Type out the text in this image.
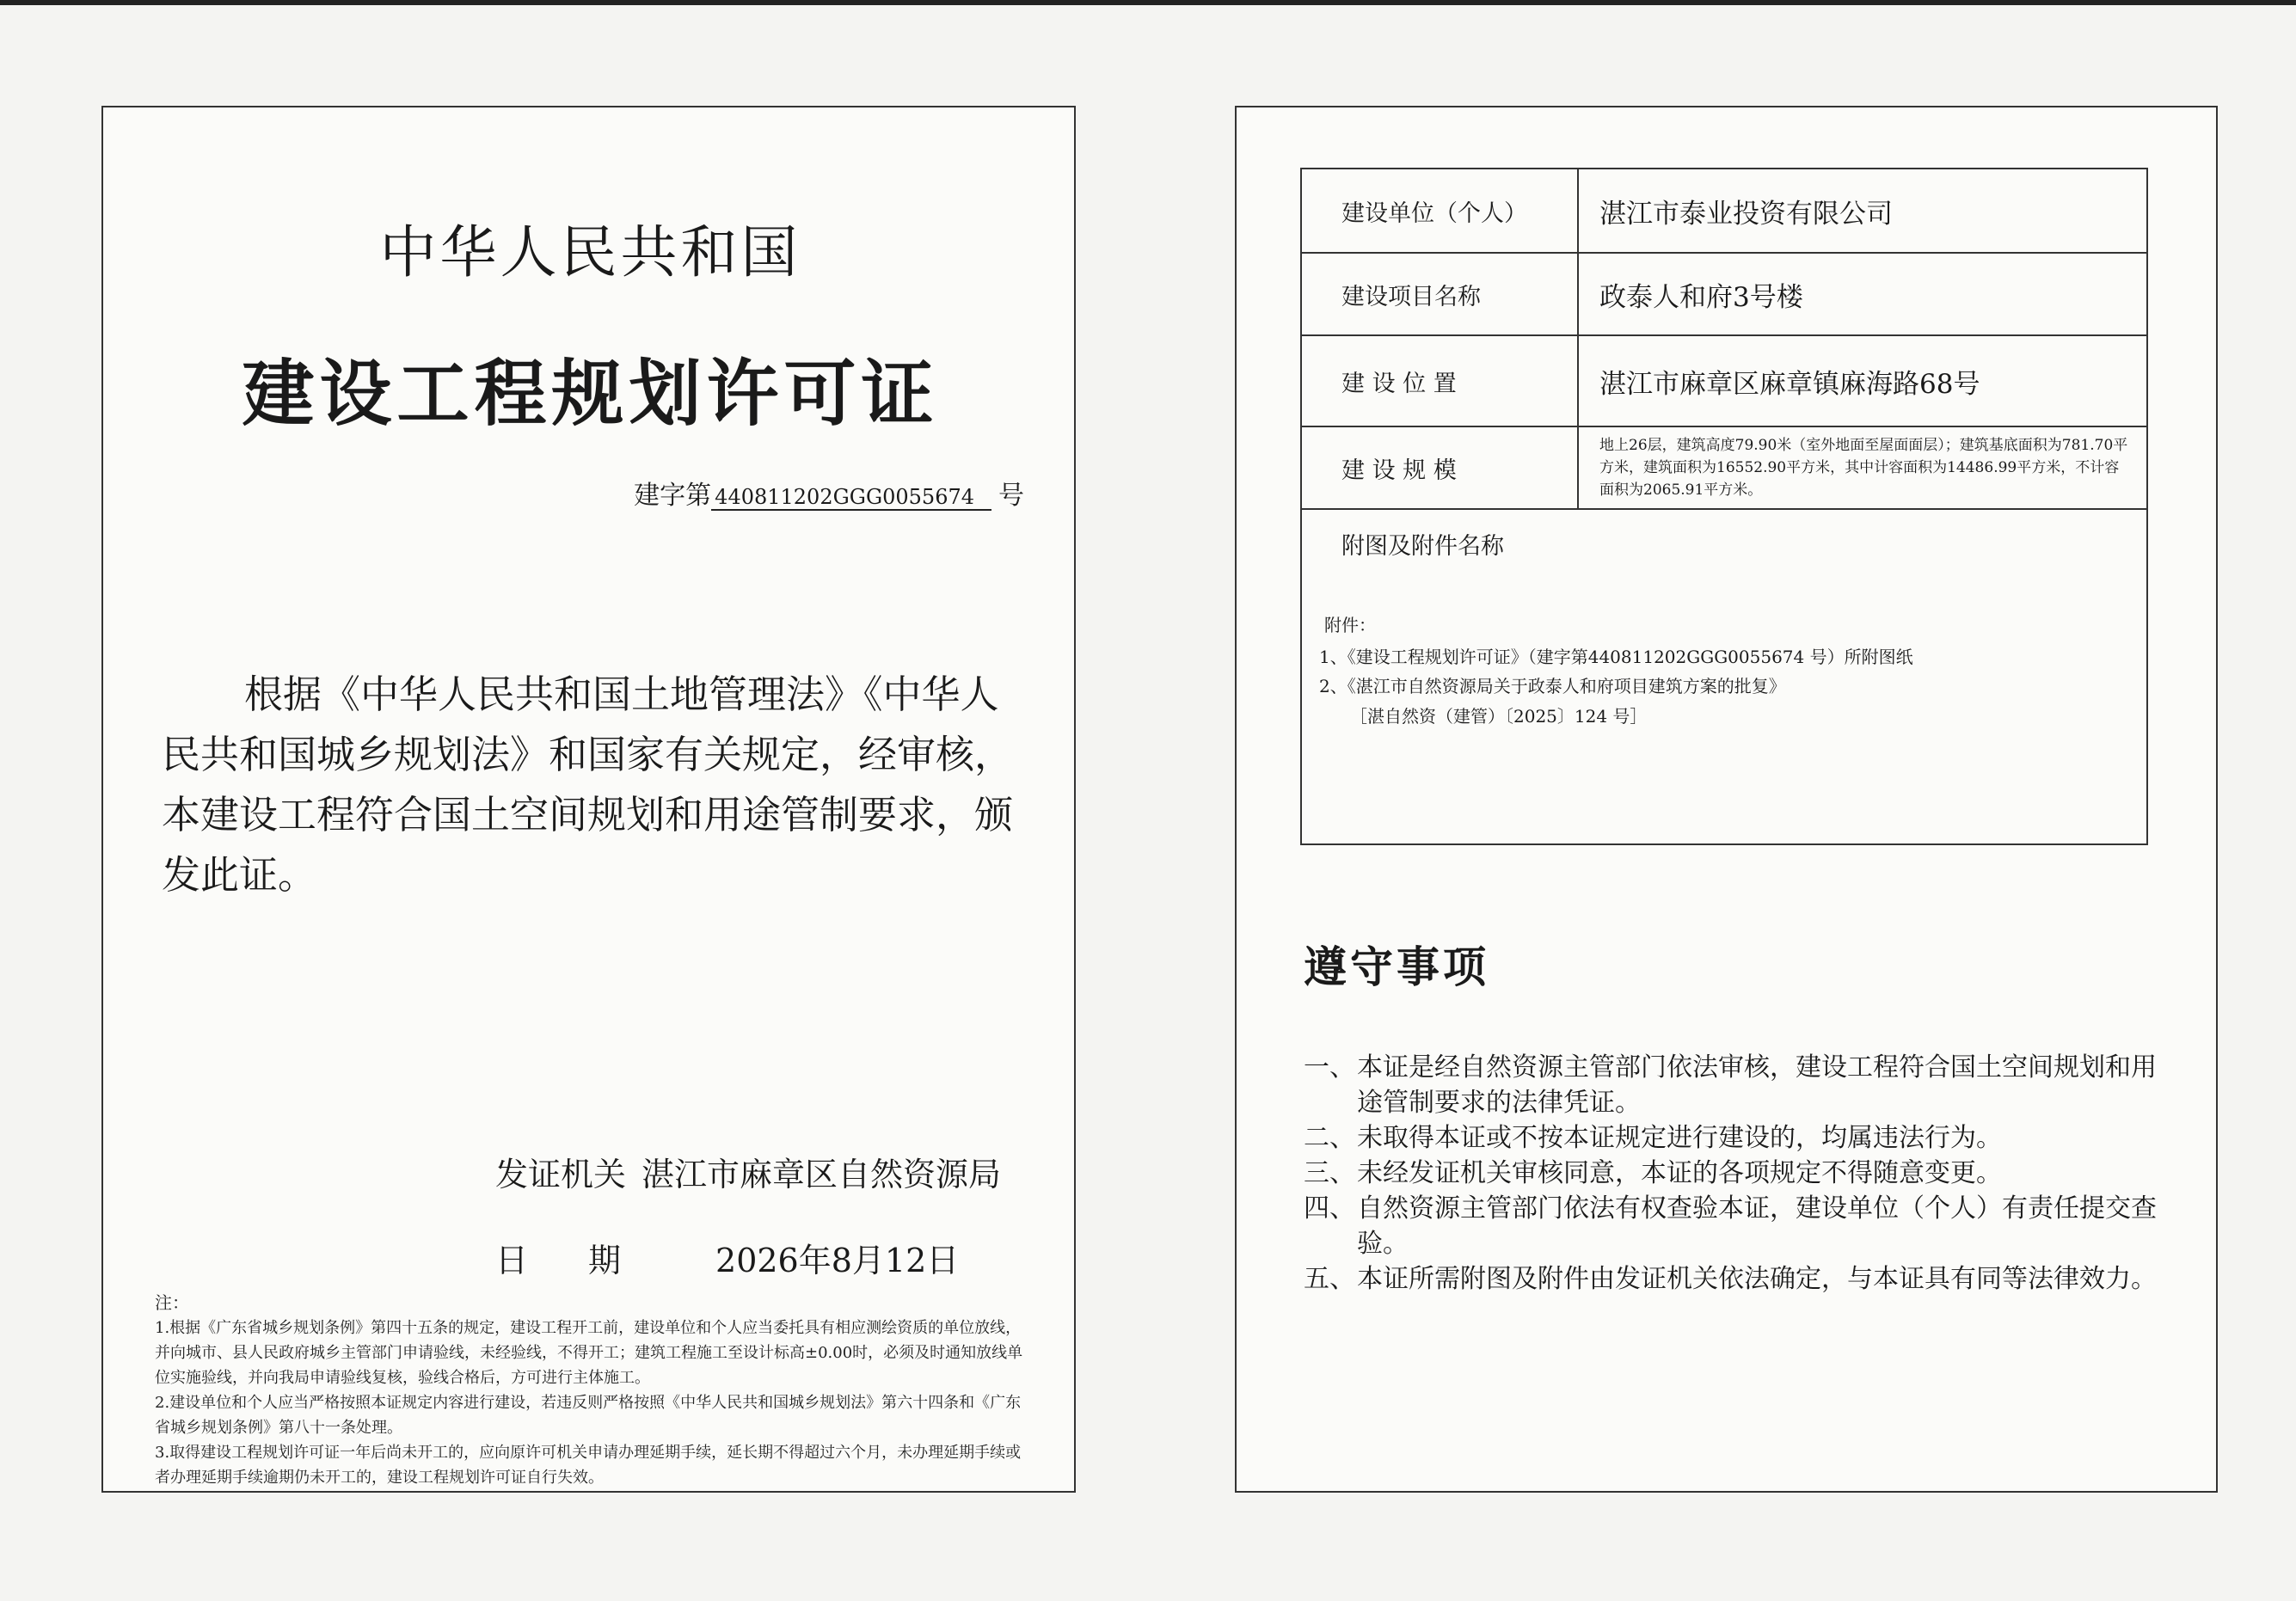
中华人民共和国
建设工程规划许可证
建字第 440811202GGG0055674 号
根据《中华人民共和国土地管理法》《中华人民共和国城乡规划法》和国家有关规定，经审核，本建设工程符合国土空间规划和用途管制要求，颁发此证。
发证机关 湛江市麻章区自然资源局
日期 2026年8月12日

注：

1.根据《广东省城乡规划条例》第四十五条的规定，建设工程开工前，建设单位和个人应当委托具有相应测绘资质的单位放线，并向城市、县人民政府城乡主管部门申请验线，未经验线，不得开工；建筑工程施工至设计标高±0.00时，必须及时通知放线单位实施验线，并向我局申请验线复核，验线合格后，方可进行主体施工。

2.建设单位和个人应当严格按照本证规定内容进行建设，若违反则严格按照《中华人民共和国城乡规划法》第六十四条和《广东省城乡规划条例》第八十一条处理。

3.取得建设工程规划许可证一年后尚未开工的，应向原许可机关申请办理延期手续，延长期不得超过六个月，未办理延期手续或者办理延期手续逾期仍未开工的，建设工程规划许可证自行失效。

建设单位（个人）	湛江市泰业投资有限公司
建设项目名称	政泰人和府3号楼
建 设 位 置	湛江市麻章区麻章镇麻海路68号
建 设 规 模	地上26层，建筑高度79.90米（室外地面至屋面面层）；建筑基底面积为781.70平方米，建筑面积为16552.90平方米，其中计容面积为14486.99平方米，不计容面积为2065.91平方米。
附图及附件名称
附件：

1、《建设工程规划许可证》（建字第440811202GGG0055674 号）所附图纸

2、《湛江市自然资源局关于政泰人和府项目建筑方案的批复》

［湛自然资（建管）〔2025〕124 号］
遵守事项
一、 本证是经自然资源主管部门依法审核，建设工程符合国土空间规划和用途管制要求的法律凭证。
二、 未取得本证或不按本证规定进行建设的，均属违法行为。
三、 未经发证机关审核同意，本证的各项规定不得随意变更。
四、 自然资源主管部门依法有权查验本证，建设单位（个人）有责任提交查验。
五、 本证所需附图及附件由发证机关依法确定，与本证具有同等法律效力。
